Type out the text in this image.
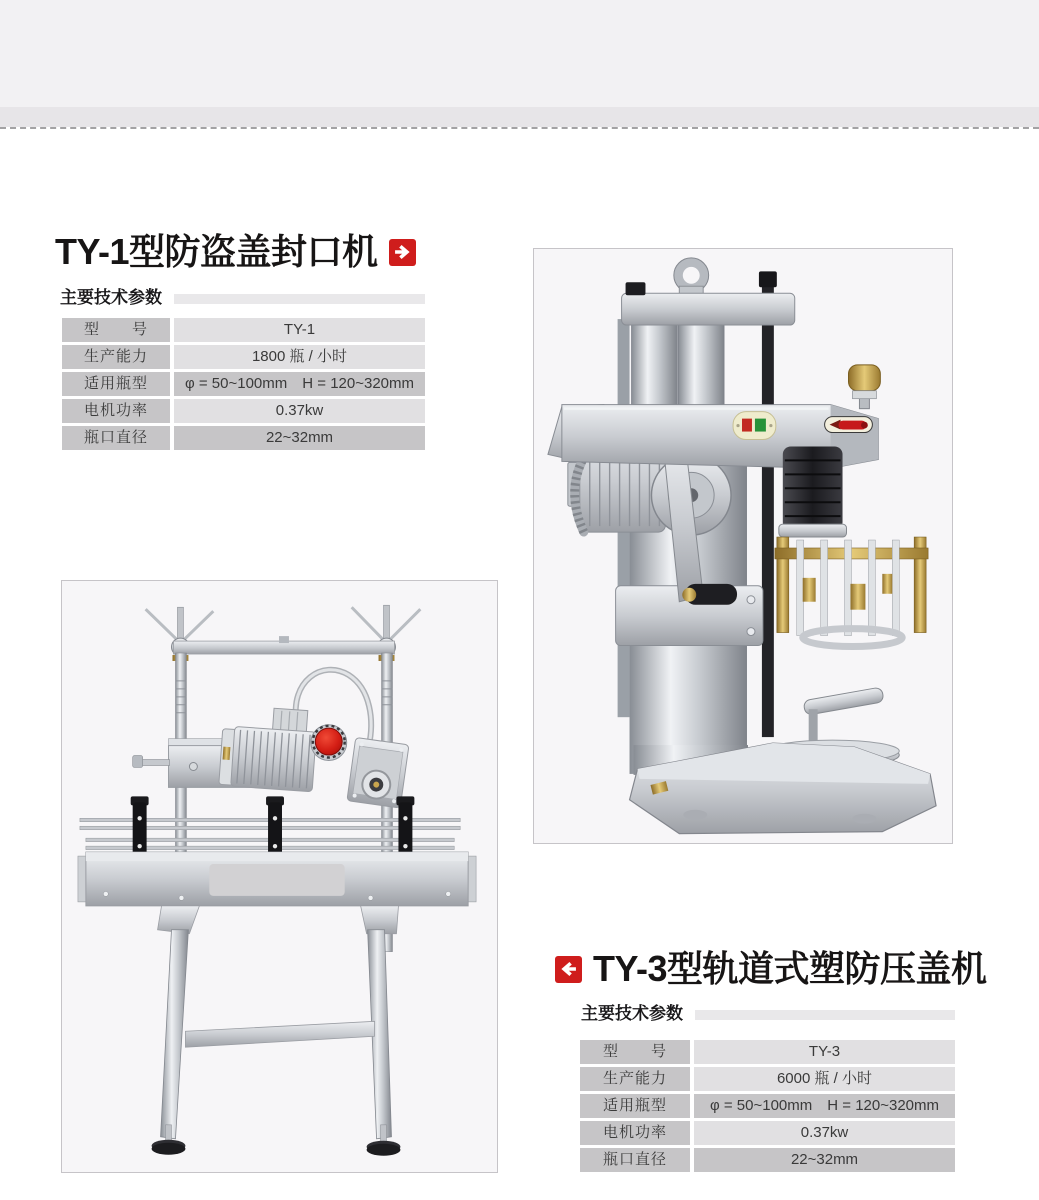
TY-1型防盗盖封口机
主要技术参数
型　　号	TY-1
生产能力	1800 瓶 / 小时
适用瓶型	φ = 50~100mm　H = 120~320mm
电机功率	0.37kw
瓶口直径	22~32mm
TY-3型轨道式塑防压盖机
主要技术参数
型　　号	TY-3
生产能力	6000 瓶 / 小时
适用瓶型	φ = 50~100mm　H = 120~320mm
电机功率	0.37kw
瓶口直径	22~32mm
